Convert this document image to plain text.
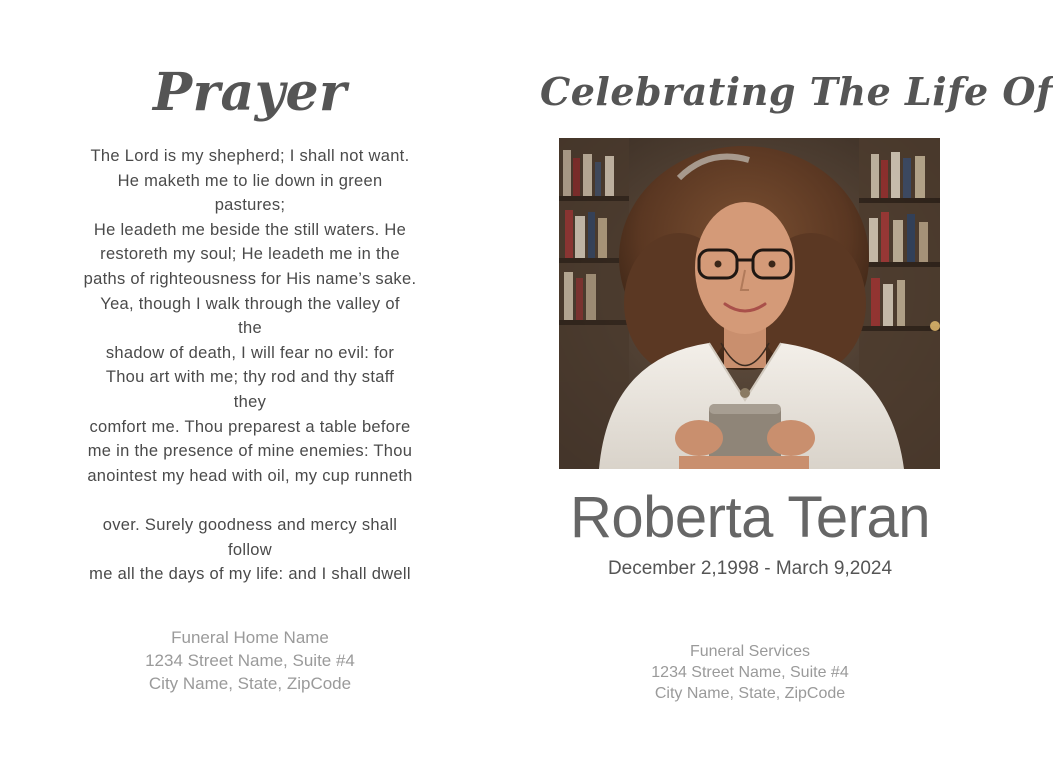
Prayer
The Lord is my shepherd; I shall not want.
He maketh me to lie down in green
pastures;
He leadeth me beside the still waters. He
restoreth my soul; He leadeth me in the
paths of righteousness for His name’s sake.
Yea, though I walk through the valley of
the
shadow of death, I will fear no evil: for
Thou art with me; thy rod and thy staff
they
comfort me. Thou preparest a table before
me in the presence of mine enemies: Thou
anointest my head with oil, my cup runneth
over. Surely goodness and mercy shall
follow
me all the days of my life: and I shall dwell
Funeral Home Name
1234 Street Name, Suite #4
City Name, State, ZipCode
Celebrating The Life Of
Roberta Teran
December 2,1998 - March 9,2024
Funeral Services
1234 Street Name, Suite #4
City Name, State, ZipCode
